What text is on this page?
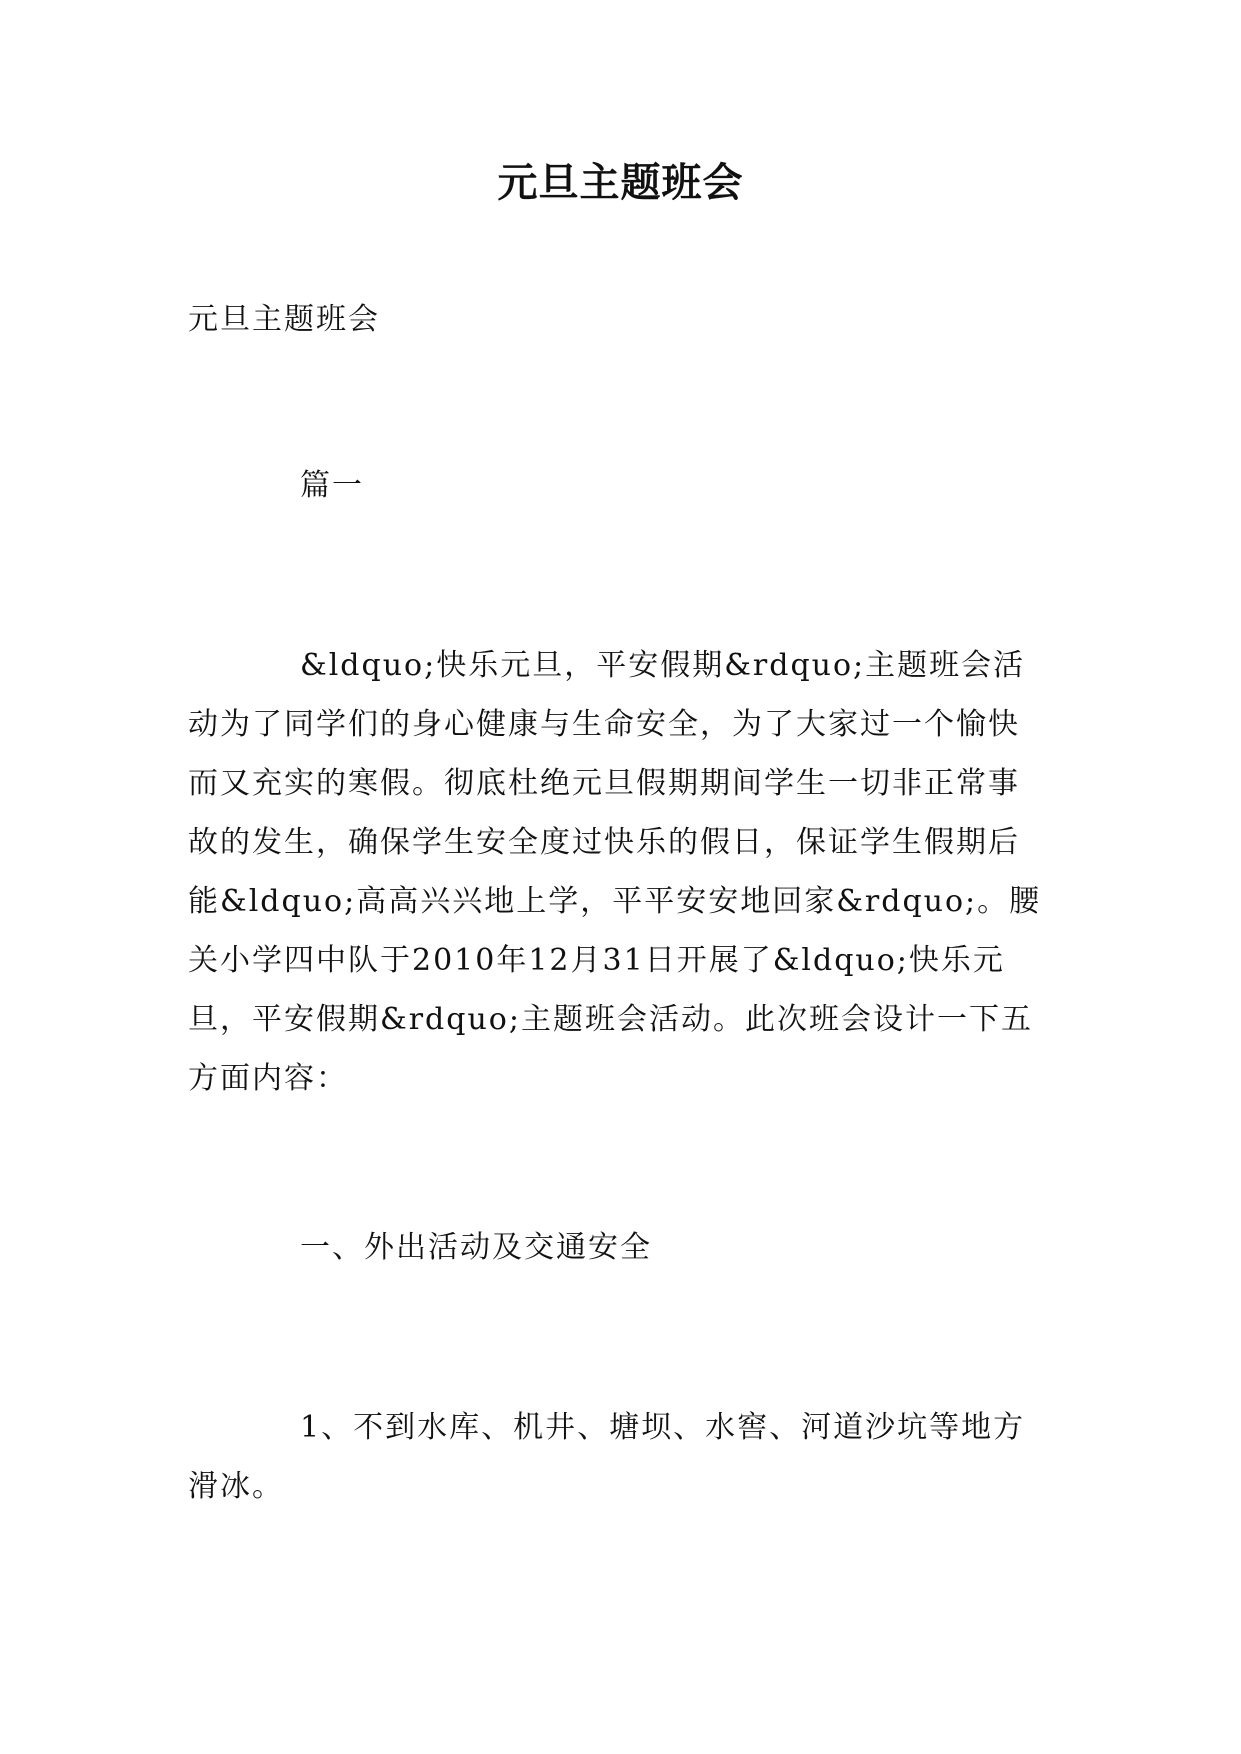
元旦主题班会

元旦主题班会

篇一

&ldquo;快乐元旦，平安假期&rdquo;主题班会活动为了同学们的身心健康与生命安全，为了大家过一个愉快而又充实的寒假。彻底杜绝元旦假期期间学生一切非正常事故的发生，确保学生安全度过快乐的假日，保证学生假期后能&ldquo;高高兴兴地上学，平平安安地回家&rdquo;。腰关小学四中队于2010年12月31日开展了&ldquo;快乐元旦，平安假期&rdquo;主题班会活动。此次班会设计一下五方面内容：

一、外出活动及交通安全

1、不到水库、机井、塘坝、水窖、河道沙坑等地方滑冰。
